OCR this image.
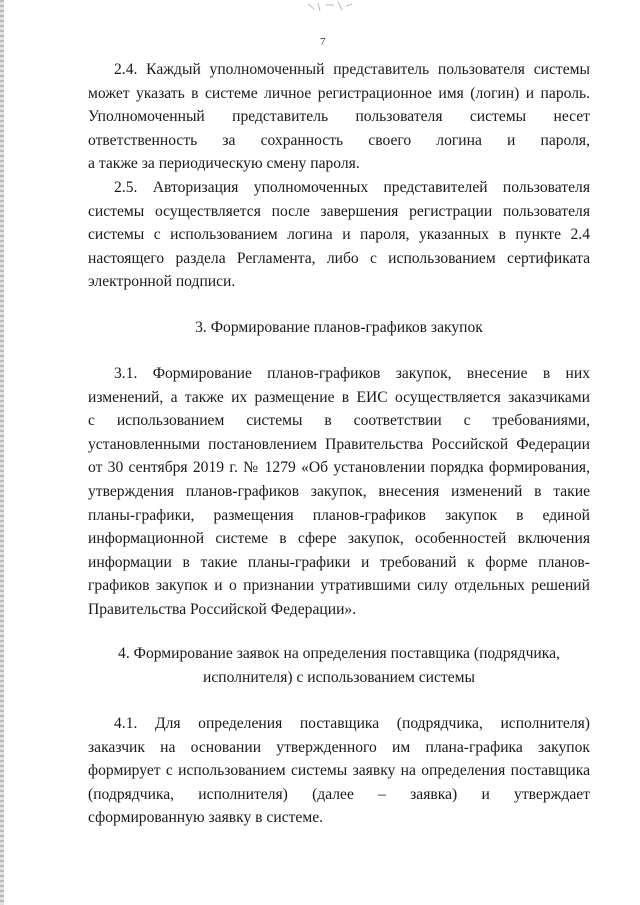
7
2.4. Каждый уполномоченный представитель пользователя системы
может указать в системе личное регистрационное имя (логин) и пароль.
Уполномоченный представитель пользователя системы несет
ответственность за сохранность своего логина и пароля,
а также за периодическую смену пароля.
2.5. Авторизация уполномоченных представителей пользователя
системы осуществляется после завершения регистрации пользователя
системы с использованием логина и пароля, указанных в пункте 2.4
настоящего раздела Регламента, либо с использованием сертификата
электронной подписи.
3. Формирование планов-графиков закупок
3.1. Формирование планов-графиков закупок, внесение в них
изменений, а также их размещение в ЕИС осуществляется заказчиками
с использованием системы в соответствии с требованиями,
установленными постановлением Правительства Российской Федерации
от 30 сентября 2019 г. № 1279 «Об установлении порядка формирования,
утверждения планов-графиков закупок, внесения изменений в такие
планы-графики, размещения планов-графиков закупок в единой
информационной системе в сфере закупок, особенностей включения
информации в такие планы-графики и требований к форме планов-
графиков закупок и о признании утратившими силу отдельных решений
Правительства Российской Федерации».
4. Формирование заявок на определения поставщика (подрядчика,
исполнителя) с использованием системы
4.1. Для определения поставщика (подрядчика, исполнителя)
заказчик на основании утвержденного им плана-графика закупок
формирует с использованием системы заявку на определения поставщика
(подрядчика, исполнителя) (далее – заявка) и утверждает
сформированную заявку в системе.
